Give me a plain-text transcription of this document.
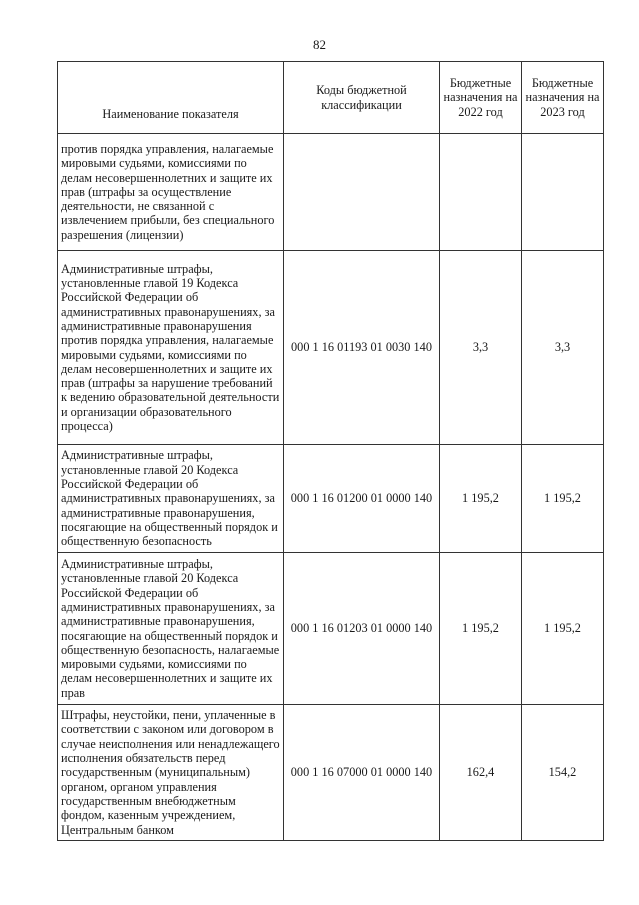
82
Наименование показателя	Коды бюджетной классификации	Бюджетные назначения на 2022 год	Бюджетные назначения на 2023 год
против порядка управления, налагаемые мировыми судьями, комиссиями по делам несовершеннолетних и защите их прав (штрафы за осуществление деятельности, не связанной с извлечением прибыли, без специального разрешения (лицензии)			
Административные штрафы, установленные главой 19 Кодекса Российской Федерации об административных правонарушениях, за административные правонарушения против порядка управления, налагаемые мировыми судьями, комиссиями по делам несовершеннолетних и защите их прав (штрафы за нарушение требований к ведению образовательной деятельности и организации образовательного процесса)	000 1 16 01193 01 0030 140	3,3	3,3
Административные штрафы, установленные главой 20 Кодекса Российской Федерации об административных правонарушениях, за административные правонарушения, посягающие на общественный порядок и общественную безопасность	000 1 16 01200 01 0000 140	1 195,2	1 195,2
Административные штрафы, установленные главой 20 Кодекса Российской Федерации об административных правонарушениях, за административные правонарушения, посягающие на общественный порядок и общественную безопасность, налагаемые мировыми судьями, комиссиями по делам несовершеннолетних и защите их прав	000 1 16 01203 01 0000 140	1 195,2	1 195,2
Штрафы, неустойки, пени, уплаченные в соответствии с законом или договором в случае неисполнения или ненадлежащего исполнения обязательств перед государственным (муниципальным) органом, органом управления государственным внебюджетным фондом, казенным учреждением, Центральным банком	000 1 16 07000 01 0000 140	162,4	154,2
